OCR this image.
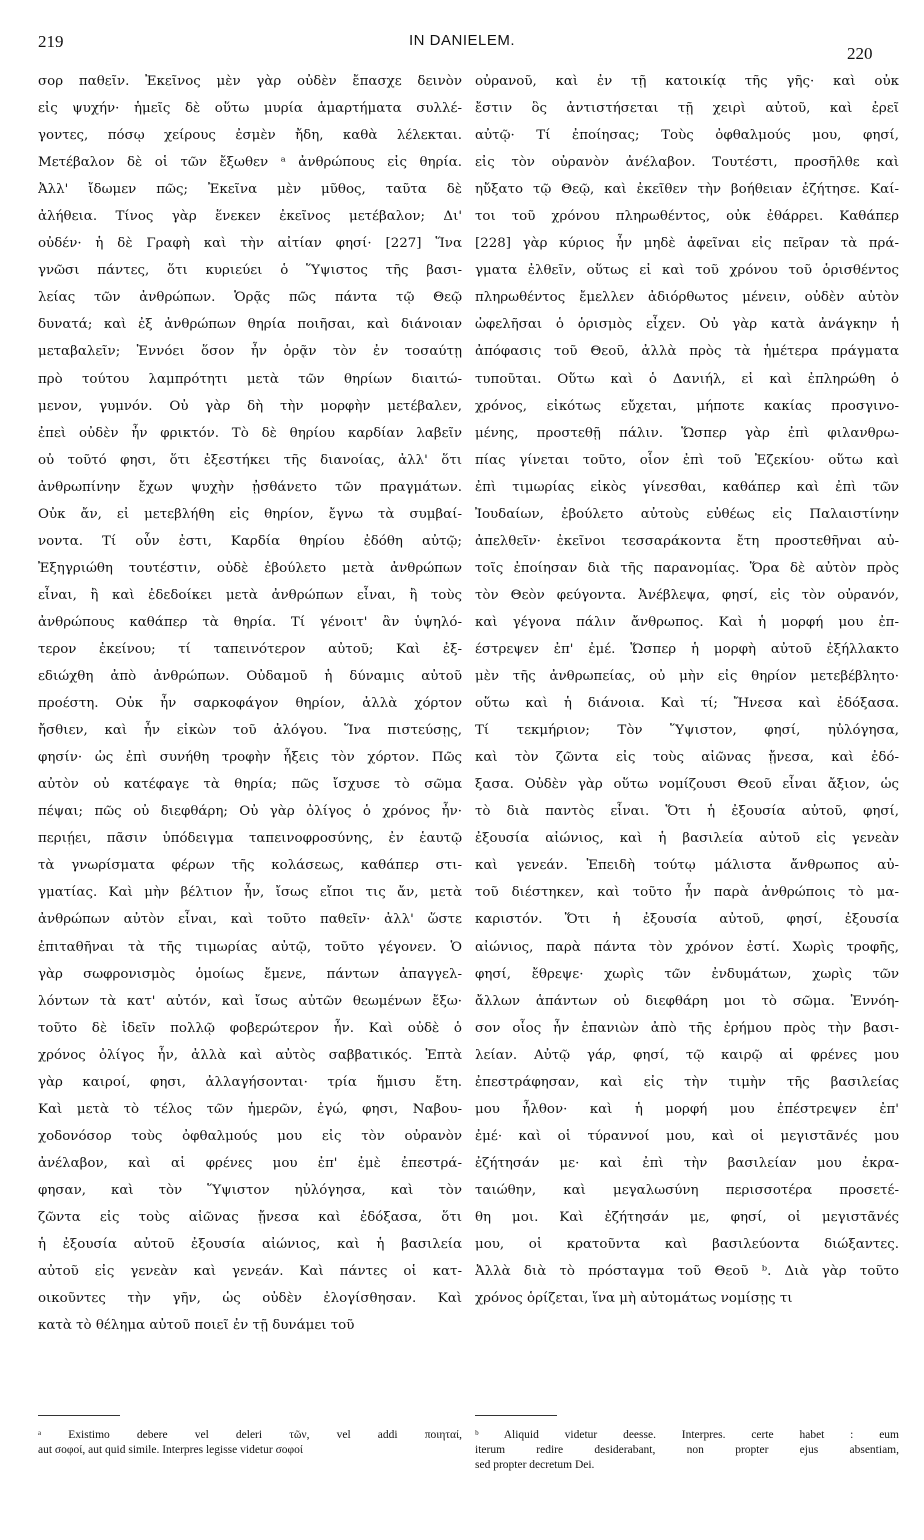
219	IN DANIELEM.
220
σορ παθεῖν. Ἐκεῖνος μὲν γὰρ οὐδὲν ἔπασχε δεινὸν
εἰς ψυχήν· ἡμεῖς δὲ οὕτω μυρία ἁμαρτήματα συλλέ-
γοντες, πόσῳ χείρους ἐσμὲν ἤδη, καθὰ λέλεκται.
Μετέβαλον δὲ οἱ τῶν ἔξωθεν ᵃ ἀνθρώπους εἰς θηρία.
Ἀλλ' ἴδωμεν πῶς; Ἐκεῖνα μὲν μῦθος, ταῦτα δὲ
ἀλήθεια. Τίνος γὰρ ἕνεκεν ἐκεῖνος μετέβαλον; Δι'
οὐδέν· ἡ δὲ Γραφὴ καὶ τὴν αἰτίαν φησί· [227] Ἵνα
γνῶσι πάντες, ὅτι κυριεύει ὁ Ὕψιστος τῆς βασι-
λείας τῶν ἀνθρώπων. Ὁρᾷς πῶς πάντα τῷ Θεῷ
δυνατά; καὶ ἐξ ἀνθρώπων θηρία ποιῆσαι, καὶ διάνοιαν
μεταβαλεῖν; Ἐννόει ὅσον ἦν ὁρᾷν τὸν ἐν τοσαύτῃ
πρὸ τούτου λαμπρότητι μετὰ τῶν θηρίων διαιτώ-
μενον, γυμνόν. Οὐ γὰρ δὴ τὴν μορφὴν μετέβαλεν,
ἐπεὶ οὐδὲν ἦν φρικτόν. Τὸ δὲ θηρίου καρδίαν λαβεῖν
οὐ τοῦτό φησι, ὅτι ἐξεστήκει τῆς διανοίας, ἀλλ' ὅτι
ἀνθρωπίνην ἔχων ψυχὴν ᾐσθάνετο τῶν πραγμάτων.
Οὐκ ἄν, εἰ μετεβλήθη εἰς θηρίον, ἔγνω τὰ συμβαί-
νοντα. Τί οὖν ἐστι, Καρδία θηρίου ἐδόθη αὐτῷ;
Ἐξηγριώθη τουτέστιν, οὐδὲ ἐβούλετο μετὰ ἀνθρώπων
εἶναι, ἢ καὶ ἐδεδοίκει μετὰ ἀνθρώπων εἶναι, ἢ τοὺς
ἀνθρώπους καθάπερ τὰ θηρία. Τί γένοιτ' ἂν ὑψηλό-
τερον ἐκείνου; τί ταπεινότερον αὐτοῦ; Καὶ ἐξ-
εδιώχθη ἀπὸ ἀνθρώπων. Οὐδαμοῦ ἡ δύναμις αὐτοῦ
προέστη. Οὐκ ἦν σαρκοφάγον θηρίον, ἀλλὰ χόρτον
ἤσθιεν, καὶ ἦν εἰκὼν τοῦ ἀλόγου. Ἵνα πιστεύσῃς,
φησίν· ὡς ἐπὶ συνήθη τροφὴν ἧξεις τὸν χόρτον. Πῶς
αὐτὸν οὐ κατέφαγε τὰ θηρία; πῶς ἴσχυσε τὸ σῶμα
πέψαι; πῶς οὐ διεφθάρη; Οὐ γὰρ ὀλίγος ὁ χρόνος ἦν·
περιῄει, πᾶσιν ὑπόδειγμα ταπεινοφροσύνης, ἐν ἑαυτῷ
τὰ γνωρίσματα φέρων τῆς κολάσεως, καθάπερ στι-
γματίας. Καὶ μὴν βέλτιον ἦν, ἴσως εἴποι τις ἄν, μετὰ
ἀνθρώπων αὐτὸν εἶναι, καὶ τοῦτο παθεῖν· ἀλλ' ὥστε
ἐπιταθῆναι τὰ τῆς τιμωρίας αὐτῷ, τοῦτο γέγονεν. Ὁ
γὰρ σωφρονισμὸς ὁμοίως ἔμενε, πάντων ἀπαγγελ-
λόντων τὰ κατ' αὐτόν, καὶ ἴσως αὐτῶν θεωμένων ἔξω·
τοῦτο δὲ ἰδεῖν πολλῷ φοβερώτερον ἦν. Καὶ οὐδὲ ὁ
χρόνος ὀλίγος ἦν, ἀλλὰ καὶ αὐτὸς σαββατικός. Ἑπτὰ
γὰρ καιροί, φησι, ἀλλαγήσονται· τρία ἥμισυ ἔτη.
Καὶ μετὰ τὸ τέλος τῶν ἡμερῶν, ἐγώ, φησι, Ναβου-
χοδονόσορ τοὺς ὀφθαλμούς μου εἰς τὸν οὐρανὸν
ἀνέλαβον, καὶ αἱ φρένες μου ἐπ' ἐμὲ ἐπεστρά-
φησαν, καὶ τὸν Ὕψιστον ηὐλόγησα, καὶ τὸν
ζῶντα εἰς τοὺς αἰῶνας ᾔνεσα καὶ ἐδόξασα, ὅτι
ἡ ἐξουσία αὐτοῦ ἐξουσία αἰώνιος, καὶ ἡ βασιλεία
αὐτοῦ εἰς γενεὰν καὶ γενεάν. Καὶ πάντες οἱ κατ-
οικοῦντες τὴν γῆν, ὡς οὐδὲν ἐλογίσθησαν. Καὶ
κατὰ τὸ θέλημα αὐτοῦ ποιεῖ ἐν τῇ δυνάμει τοῦ
οὐρανοῦ, καὶ ἐν τῇ κατοικίᾳ τῆς γῆς· καὶ οὐκ
ἔστιν ὃς ἀντιστήσεται τῇ χειρὶ αὐτοῦ, καὶ ἐρεῖ
αὐτῷ· Τί ἐποίησας; Τοὺς ὀφθαλμούς μου, φησί,
εἰς τὸν οὐρανὸν ἀνέλαβον. Τουτέστι, προσῆλθε καὶ
ηὔξατο τῷ Θεῷ, καὶ ἐκεῖθεν τὴν βοήθειαν ἐζήτησε. Καί-
τοι τοῦ χρόνου πληρωθέντος, οὐκ ἐθάρρει. Καθάπερ
[228] γὰρ κύριος ἦν μηδὲ ἀφεῖναι εἰς πεῖραν τὰ πρά-
γματα ἐλθεῖν, οὕτως εἰ καὶ τοῦ χρόνου τοῦ ὁρισθέντος
πληρωθέντος ἔμελλεν ἀδιόρθωτος μένειν, οὐδὲν αὐτὸν
ὠφελῆσαι ὁ ὁρισμὸς εἶχεν. Οὐ γὰρ κατὰ ἀνάγκην ἡ
ἀπόφασις τοῦ Θεοῦ, ἀλλὰ πρὸς τὰ ἡμέτερα πράγματα
τυποῦται. Οὕτω καὶ ὁ Δανιήλ, εἰ καὶ ἐπληρώθη ὁ
χρόνος, εἰκότως εὔχεται, μήποτε κακίας προσγινο-
μένης, προστεθῇ πάλιν. Ὥσπερ γὰρ ἐπὶ φιλανθρω-
πίας γίνεται τοῦτο, οἷον ἐπὶ τοῦ Ἐζεκίου· οὕτω καὶ
ἐπὶ τιμωρίας εἰκὸς γίνεσθαι, καθάπερ καὶ ἐπὶ τῶν
Ἰουδαίων, ἐβούλετο αὐτοὺς εὐθέως εἰς Παλαιστίνην
ἀπελθεῖν· ἐκεῖνοι τεσσαράκοντα ἔτη προστεθῆναι αὐ-
τοῖς ἐποίησαν διὰ τῆς παρανομίας. Ὅρα δὲ αὐτὸν πρὸς
τὸν Θεὸν φεύγοντα. Ἀνέβλεψα, φησί, εἰς τὸν οὐρανόν,
καὶ γέγονα πάλιν ἄνθρωπος. Καὶ ἡ μορφή μου ἐπ-
έστρεψεν ἐπ' ἐμέ. Ὥσπερ ἡ μορφὴ αὐτοῦ ἐξήλλακτο
μὲν τῆς ἀνθρωπείας, οὐ μὴν εἰς θηρίον μετεβέβλητο·
οὕτω καὶ ἡ διάνοια. Καὶ τί; Ἤνεσα καὶ ἐδόξασα.
Τί τεκμήριον; Τὸν Ὕψιστον, φησί, ηὐλόγησα,
καὶ τὸν ζῶντα εἰς τοὺς αἰῶνας ᾔνεσα, καὶ ἐδό-
ξασα. Οὐδὲν γὰρ οὕτω νομίζουσι Θεοῦ εἶναι ἄξιον, ὡς
τὸ διὰ παντὸς εἶναι. Ὅτι ἡ ἐξουσία αὐτοῦ, φησί,
ἐξουσία αἰώνιος, καὶ ἡ βασιλεία αὐτοῦ εἰς γενεὰν
καὶ γενεάν. Ἐπειδὴ τούτῳ μάλιστα ἄνθρωπος αὐ-
τοῦ διέστηκεν, καὶ τοῦτο ἦν παρὰ ἀνθρώποις τὸ μα-
καριστόν. Ὅτι ἡ ἐξουσία αὐτοῦ, φησί, ἐξουσία
αἰώνιος, παρὰ πάντα τὸν χρόνον ἐστί. Χωρὶς τροφῆς,
φησί, ἔθρεψε· χωρὶς τῶν ἐνδυμάτων, χωρὶς τῶν
ἄλλων ἁπάντων οὐ διεφθάρη μοι τὸ σῶμα. Ἐννόη-
σον οἷος ἦν ἐπανιὼν ἀπὸ τῆς ἐρήμου πρὸς τὴν βασι-
λείαν. Αὐτῷ γάρ, φησί, τῷ καιρῷ αἱ φρένες μου
ἐπεστράφησαν, καὶ εἰς τὴν τιμὴν τῆς βασιλείας
μου ἦλθον· καὶ ἡ μορφή μου ἐπέστρεψεν ἐπ'
ἐμέ· καὶ οἱ τύραννοί μου, καὶ οἱ μεγιστᾶνές μου
ἐζήτησάν με· καὶ ἐπὶ τὴν βασιλείαν μου ἐκρα-
ταιώθην, καὶ μεγαλωσύνη περισσοτέρα προσετέ-
θη μοι. Καὶ ἐζήτησάν με, φησί, οἱ μεγιστᾶνές
μου, οἱ κρατοῦντα καὶ βασιλεύοντα διώξαντες.
Ἀλλὰ διὰ τὸ πρόσταγμα τοῦ Θεοῦ ᵇ. Διὰ γὰρ τοῦτο
χρόνος ὁρίζεται, ἵνα μὴ αὐτομάτως νομίσῃς τι
ᵃ Existimo debere vel deleri τῶν, vel addi ποιηταί,
aut σοφοί, aut quid simile. Interpres legisse videtur σοφοί
ᵇ Aliquid videtur deesse. Interpres. certe habet : eum
iterum redire desiderabant, non propter ejus absentiam,
sed propter decretum Dei.
